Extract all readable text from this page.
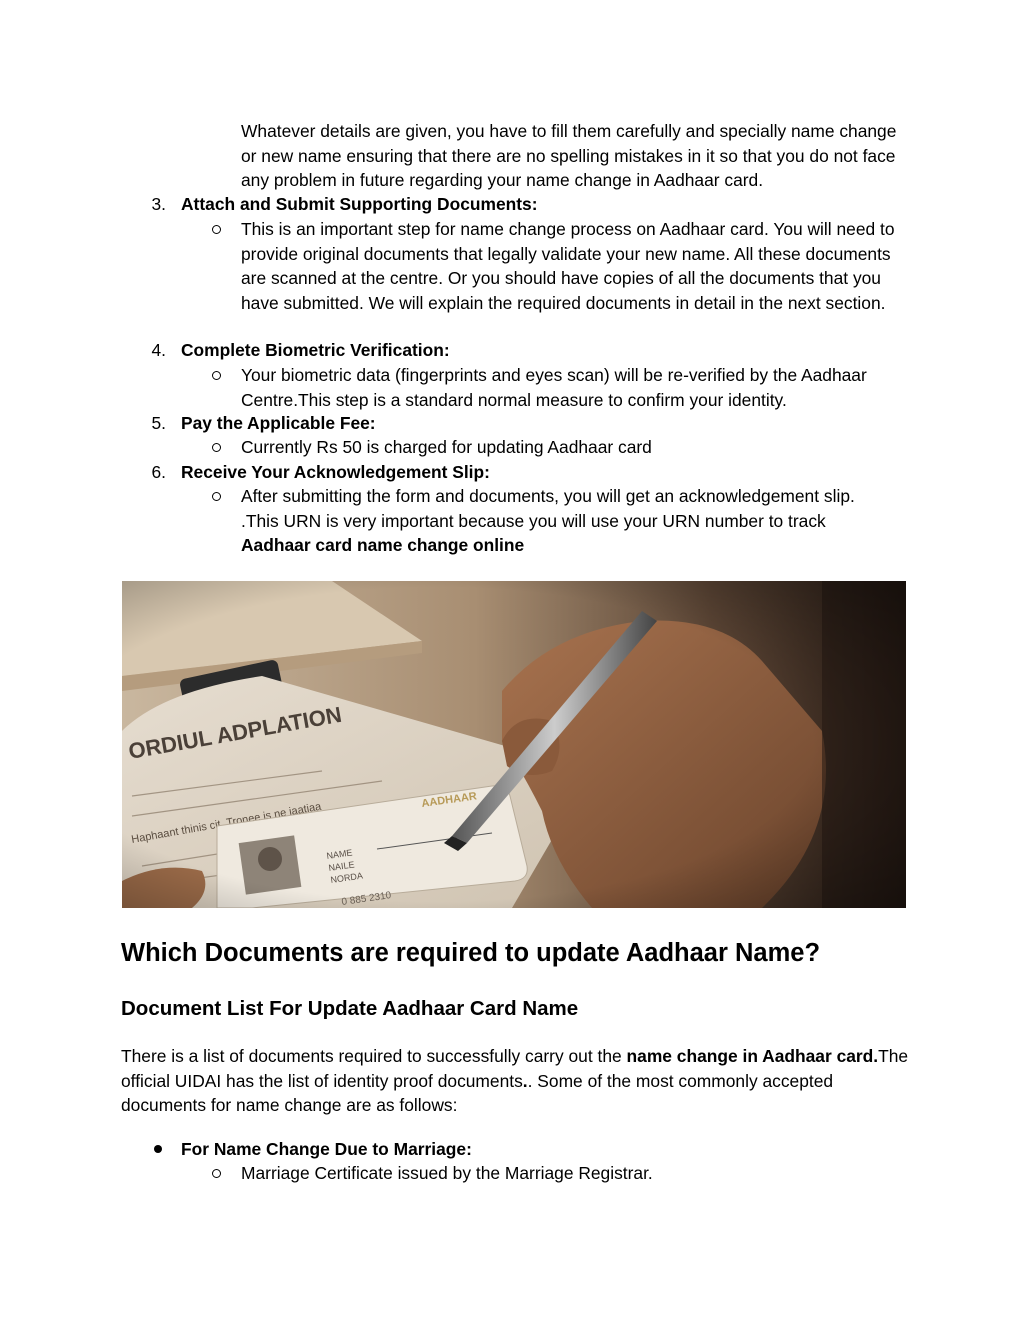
Whatever details are given, you have to fill them carefully and specially name change or new name ensuring that there are no spelling mistakes in it so that you do not face any problem in future regarding your name change in Aadhaar card.

3. Attach and Submit Supporting Documents:

This is an important step for name change process on Aadhaar card. You will need to provide original documents that legally validate your new name. All these documents are scanned at the centre. Or you should have copies of all the documents that you have submitted. We will explain the required documents in detail in the next section.

4. Complete Biometric Verification:

Your biometric data (fingerprints and eyes scan) will be re-verified by the Aadhaar Centre.This step is a standard normal measure to confirm your identity.

5. Pay the Applicable Fee:

Currently Rs 50 is charged for updating Aadhaar card

6. Receive Your Acknowledgement Slip:

After submitting the form and documents, you will get an acknowledgement slip.

.This URN is very important because you will use your URN number to track

Aadhaar card name change online

Which Documents are required to update Aadhaar Name?
Document List For Update Aadhaar Card Name

There is a list of documents required to successfully carry out the name change in Aadhaar card.The official UIDAI has the list of identity proof documents.. Some of the most commonly accepted documents for name change are as follows:

For Name Change Due to Marriage:

Marriage Certificate issued by the Marriage Registrar.
